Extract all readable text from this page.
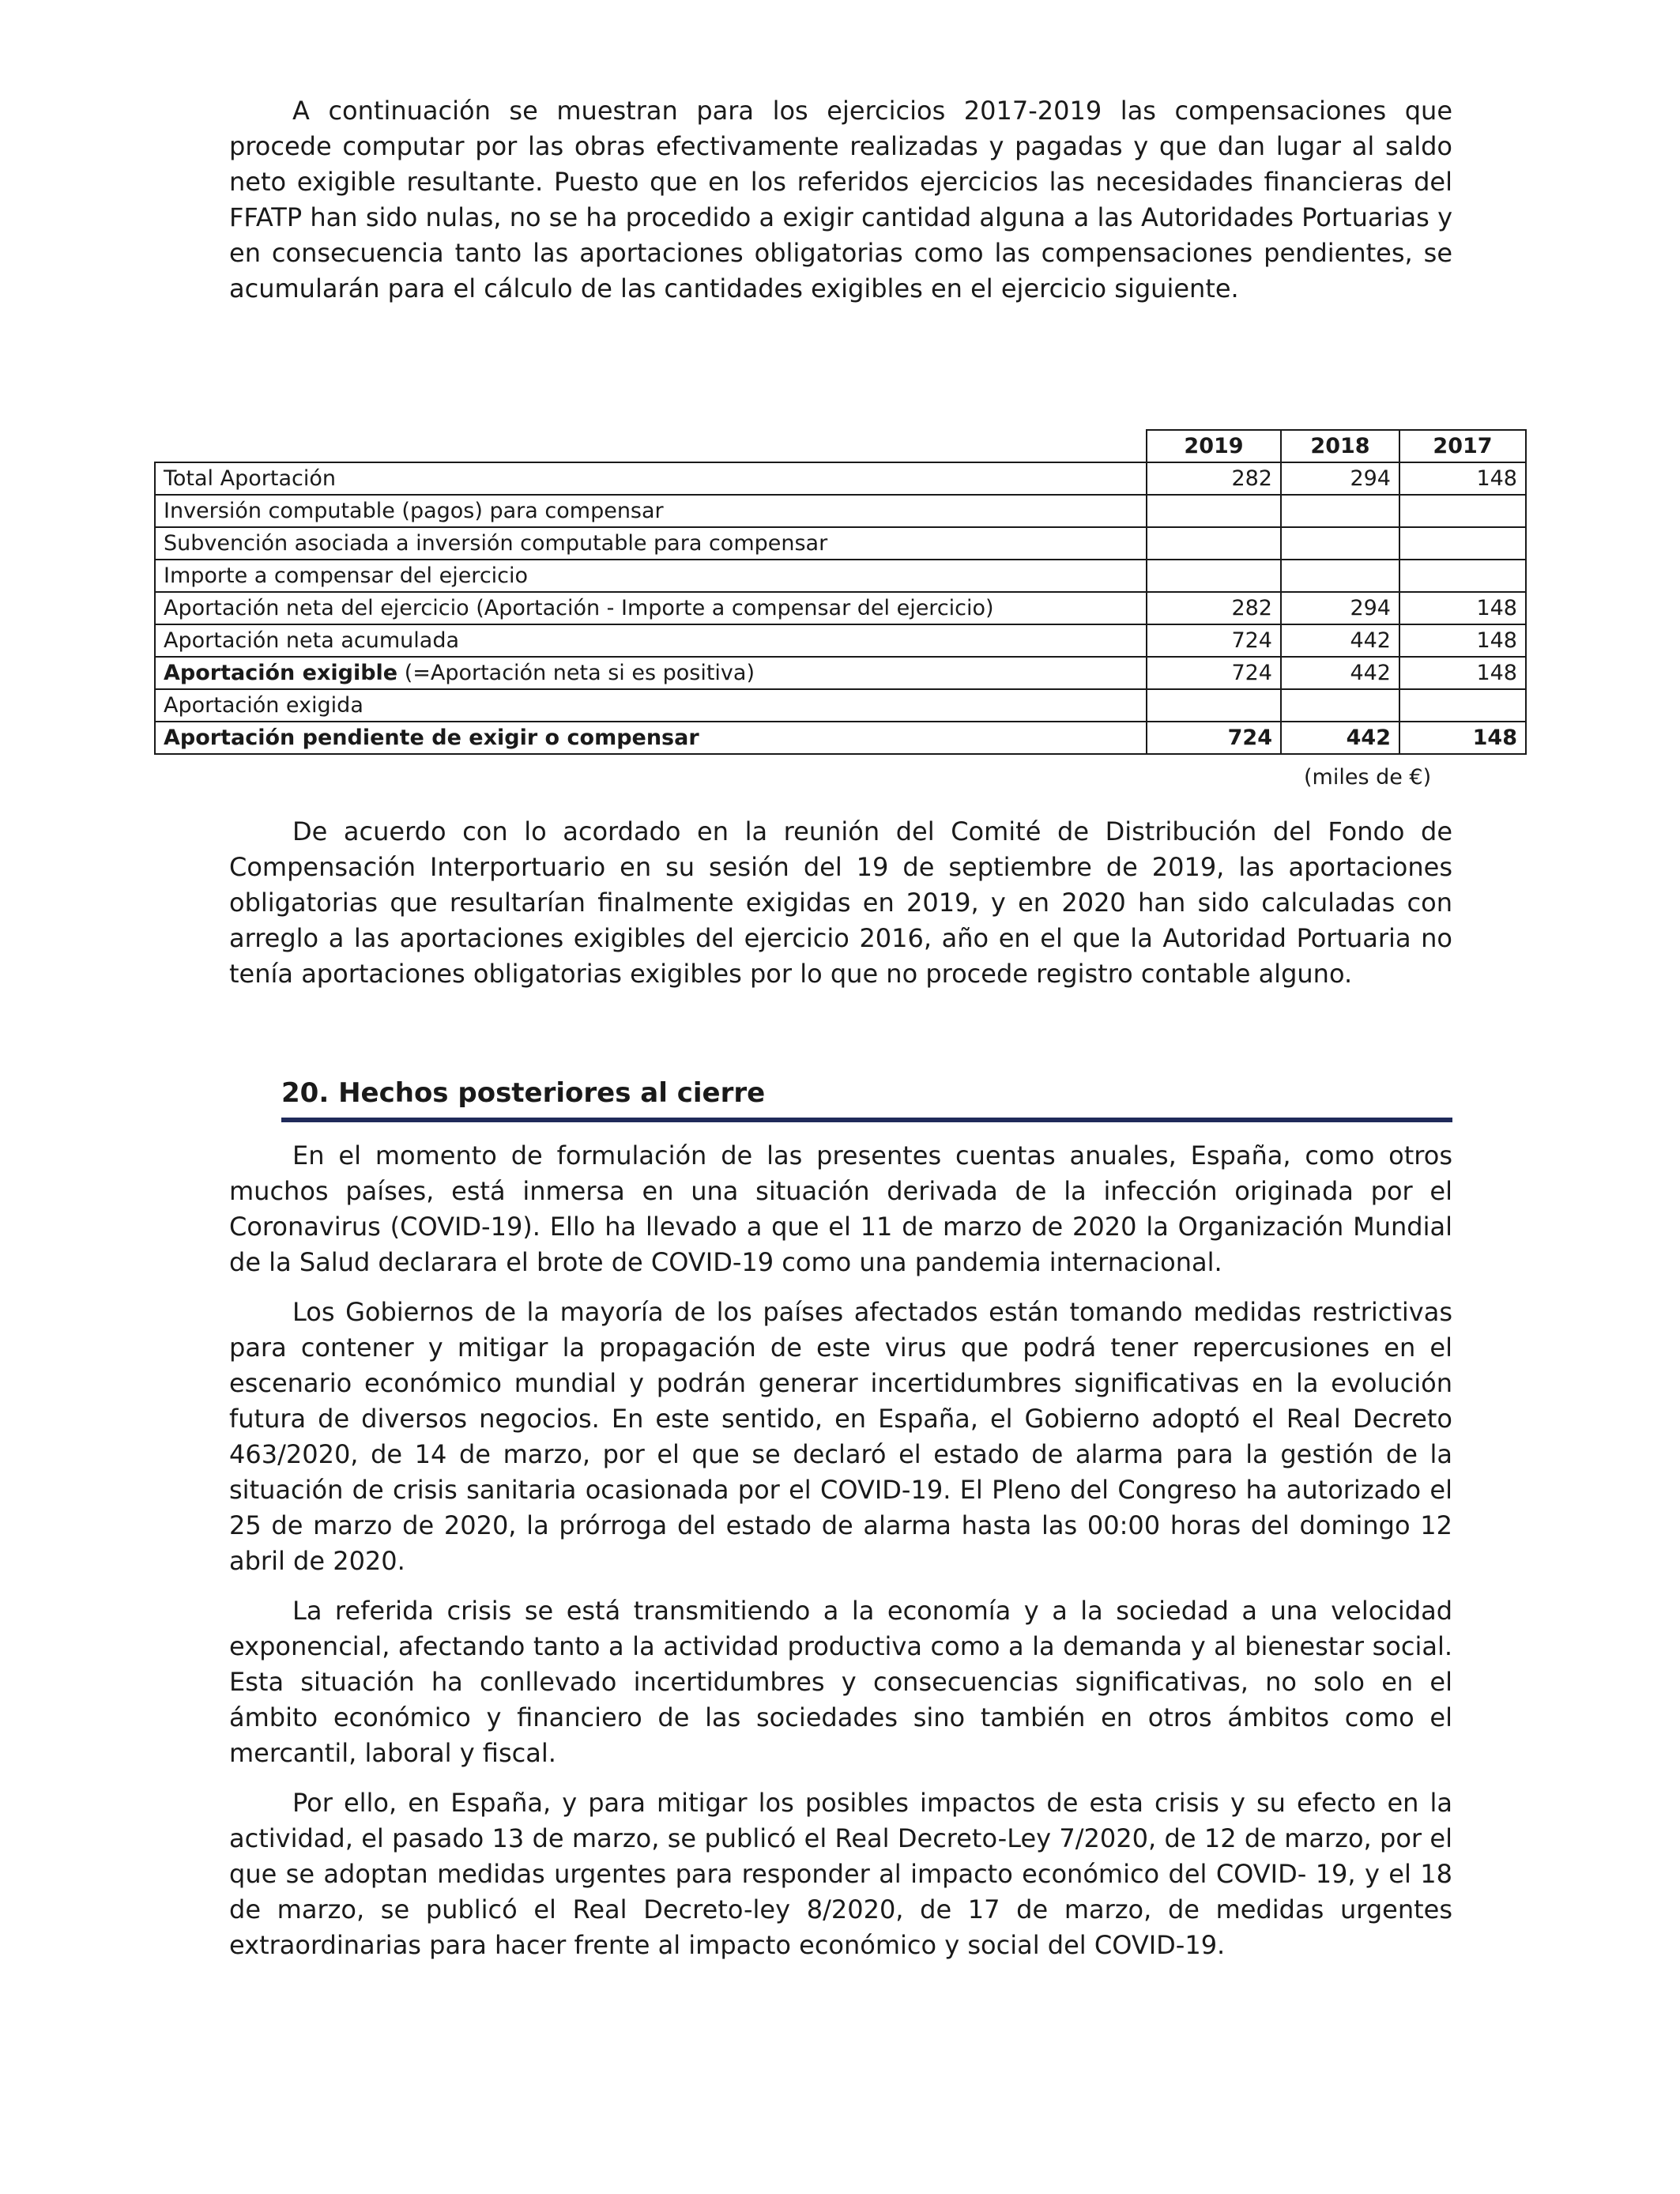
A continuación se muestran para los ejercicios 2017-2019 las compensaciones que procede computar por las obras efectivamente realizadas y pagadas y que dan lugar al saldo neto exigible resultante. Puesto que en los referidos ejercicios las necesidades financieras del FFATP han sido nulas, no se ha procedido a exigir cantidad alguna a las Autoridades Portuarias y en consecuencia tanto las aportaciones obligatorias como las compensaciones pendientes, se acumularán para el cálculo de las cantidades exigibles en el ejercicio siguiente.

	2019	2018	2017
Total Aportación	282	294	148
Inversión computable (pagos) para compensar			
Subvención asociada a inversión computable para compensar			
Importe a compensar del ejercicio			
Aportación neta del ejercicio (Aportación - Importe a compensar del ejercicio)	282	294	148
Aportación neta acumulada	724	442	148
Aportación exigible (=Aportación neta si es positiva)	724	442	148
Aportación exigida			
Aportación pendiente de exigir o compensar	724	442	148
(miles de €)

De acuerdo con lo acordado en la reunión del Comité de Distribución del Fondo de Compensación Interportuario en su sesión del 19 de septiembre de 2019, las aportaciones obligatorias que resultarían finalmente exigidas en 2019, y en 2020 han sido calculadas con arreglo a las aportaciones exigibles del ejercicio 2016, año en el que la Autoridad Portuaria no tenía aportaciones obligatorias exigibles por lo que no procede registro contable alguno.

20. Hechos posteriores al cierre

En el momento de formulación de las presentes cuentas anuales, España, como otros muchos países, está inmersa en una situación derivada de la infección originada por el Coronavirus (COVID-19). Ello ha llevado a que el 11 de marzo de 2020 la Organización Mundial de la Salud declarara el brote de COVID-19 como una pandemia internacional.

Los Gobiernos de la mayoría de los países afectados están tomando medidas restrictivas para contener y mitigar la propagación de este virus que podrá tener repercusiones en el escenario económico mundial y podrán generar incertidumbres significativas en la evolución futura de diversos negocios. En este sentido, en España, el Gobierno adoptó el Real Decreto 463/2020, de 14 de marzo, por el que se declaró el estado de alarma para la gestión de la situación de crisis sanitaria ocasionada por el COVID-19. El Pleno del Congreso ha autorizado el 25 de marzo de 2020, la prórroga del estado de alarma hasta las 00:00 horas del domingo 12 abril de 2020.

La referida crisis se está transmitiendo a la economía y a la sociedad a una velocidad exponencial, afectando tanto a la actividad productiva como a la demanda y al bienestar social. Esta situación ha conllevado incertidumbres y consecuencias significativas, no solo en el ámbito económico y financiero de las sociedades sino también en otros ámbitos como el mercantil, laboral y fiscal.

Por ello, en España, y para mitigar los posibles impactos de esta crisis y su efecto en la actividad, el pasado 13 de marzo, se publicó el Real Decreto-Ley 7/2020, de 12 de marzo, por el que se adoptan medidas urgentes para responder al impacto económico del COVID- 19, y el 18 de marzo, se publicó el Real Decreto-ley 8/2020, de 17 de marzo, de medidas urgentes extraordinarias para hacer frente al impacto económico y social del COVID-19.
